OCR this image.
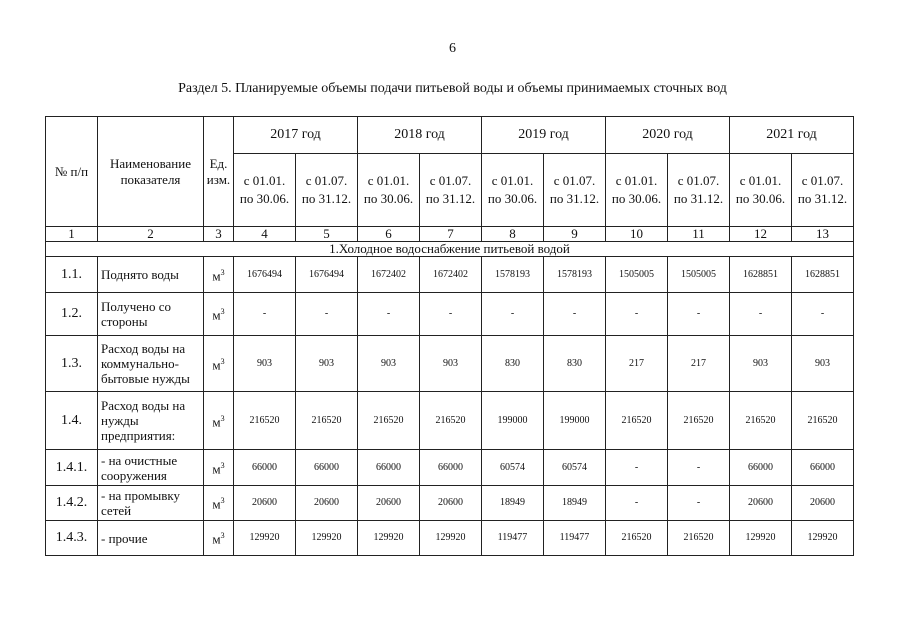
6
Раздел 5. Планируемые объемы подачи питьевой воды и объемы принимаемых сточных вод
№ п/п	Наименование показателя	Ед. изм.	2017 год		2018 год		2019 год		2020 год		2021 год	

			с 01.01.
по 30.06.	с 01.07.
по 31.12.	с 01.01.
по 30.06.	с 01.07.
по 31.12.	с 01.01.
по 30.06.	с 01.07.
по 31.12.	с 01.01.
по 30.06.	с 01.07.
по 31.12.	с 01.01.
по 30.06.	с 01.07.
по 31.12.

1	2	3	4	5	6	7	8	9	10	11	12	13
1.Холодное водоснабжение питьевой водой												
1.1.	Поднято воды	$м^3$	1676494	1676494	1672402	1672402	1578193	1578193	1505005	1505005	1628851	1628851
1.2.	Получено со стороны	$м^3$	-	-	-	-	-	-	-	-	-	-
1.3.	Расход воды на коммунально-бытовые нужды	$м^3$	903	903	903	903	830	830	217	217	903	903
1.4.	Расход воды на нужды предприятия:	$м^3$	216520	216520	216520	216520	199000	199000	216520	216520	216520	216520
1.4.1.	- на очистные сооружения	$м^3$	66000	66000	66000	66000	60574	60574	-	-	66000	66000
1.4.2.	- на промывку сетей	$м^3$	20600	20600	20600	20600	18949	18949	-	-	20600	20600
1.4.3.	- прочие	$м^3$	129920	129920	129920	129920	119477	119477	216520	216520	129920	129920
